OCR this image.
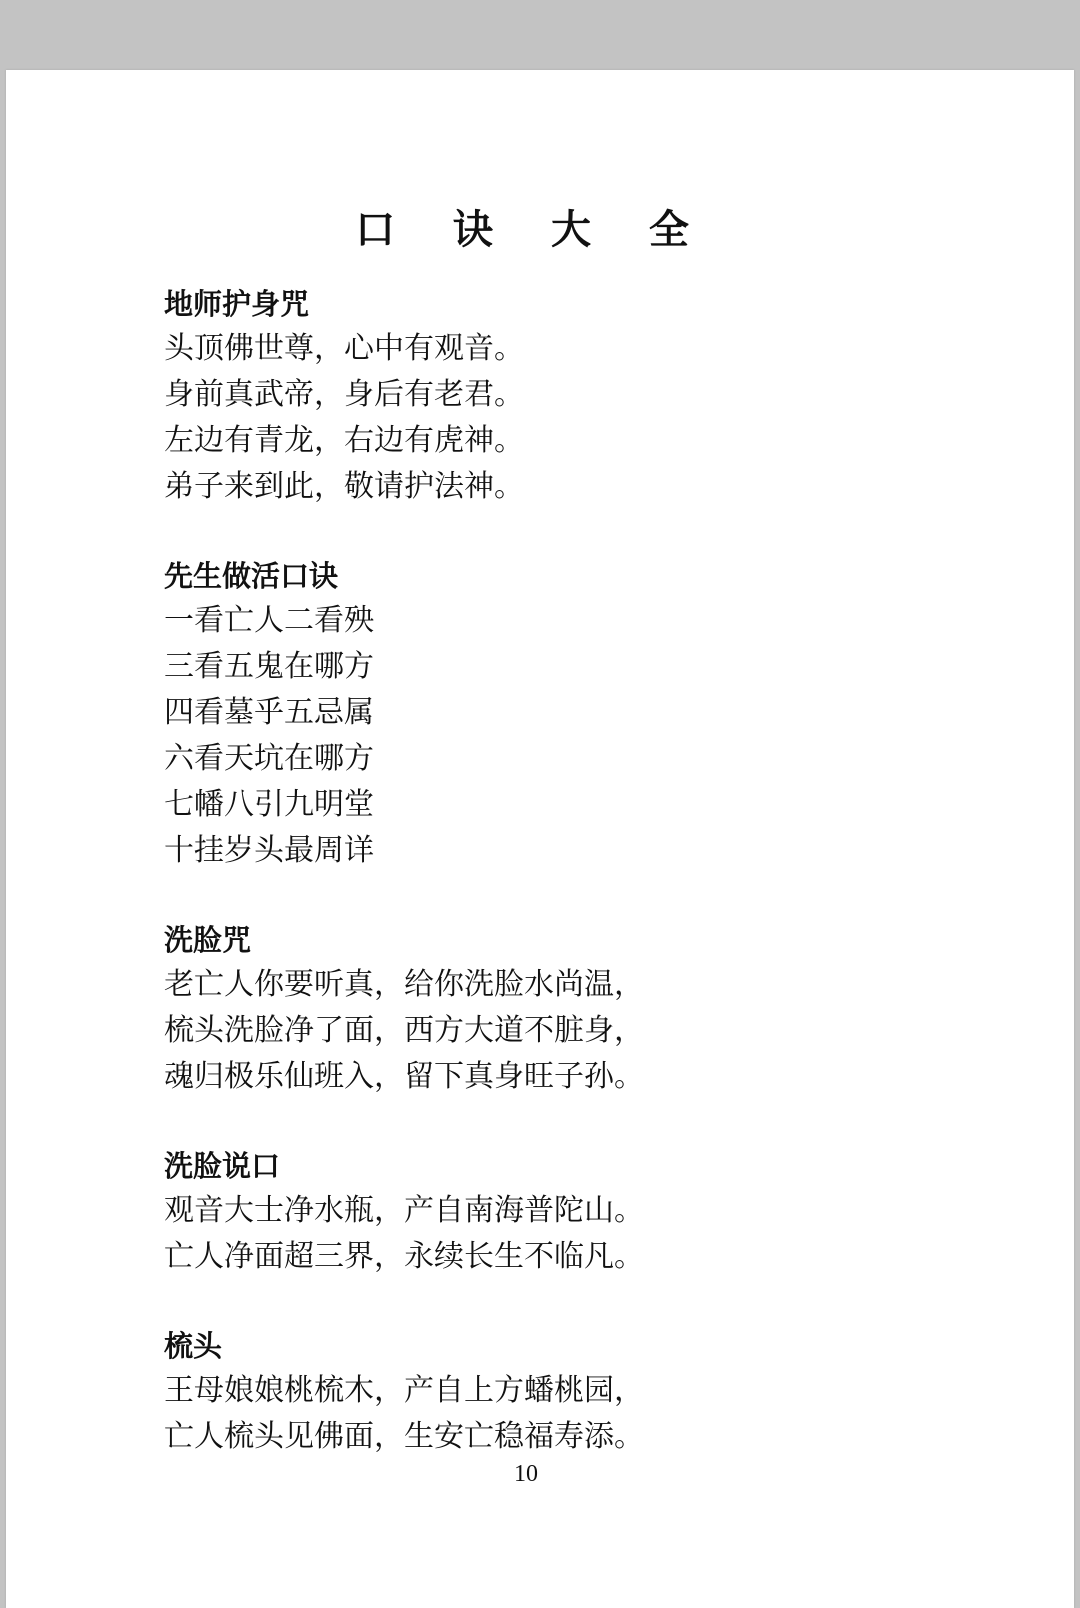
口 诀 大 全
地师护身咒
头顶佛世尊，心中有观音。
身前真武帝，身后有老君。
左边有青龙，右边有虎神。
弟子来到此，敬请护法神。
先生做活口诀
一看亡人二看殃
三看五鬼在哪方
四看墓乎五忌属
六看天坑在哪方
七幡八引九明堂
十挂岁头最周详
洗脸咒
老亡人你要听真，给你洗脸水尚温，
梳头洗脸净了面，西方大道不脏身，
魂归极乐仙班入，留下真身旺子孙。
洗脸说口
观音大士净水瓶，产自南海普陀山。
亡人净面超三界，永续长生不临凡。
梳头
王母娘娘桃梳木，产自上方蟠桃园，
亡人梳头见佛面，生安亡稳福寿添。
10
